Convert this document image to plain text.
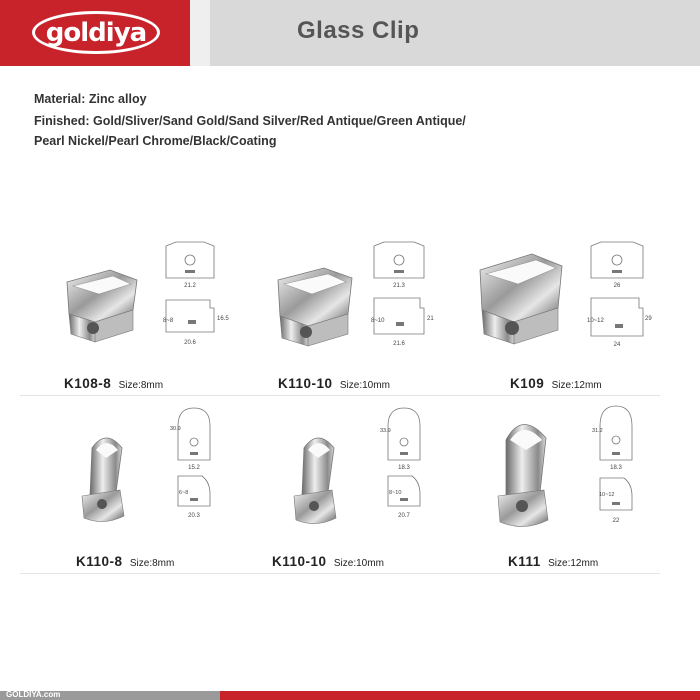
goldiya	Glass Clip
Material: Zinc alloy
Finished: Gold/Sliver/Sand Gold/Sand Silver/Red Antique/Green Antique/
Pearl Nickel/Pearl Chrome/Black/Coating
21.2
8~8	16.5
20.6
K108-8 Size:8mm
21.3
8~10	21
21.6
K110-10 Size:10mm
26
10~12	29
24
K109 Size:12mm
30.9
15.2
6~8
20.3
K110-8 Size:8mm
33.9
18.3
8~10
20.7
K110-10 Size:10mm
31.2
18.3
10~12
22
K111 Size:12mm
GOLDIYA.com
